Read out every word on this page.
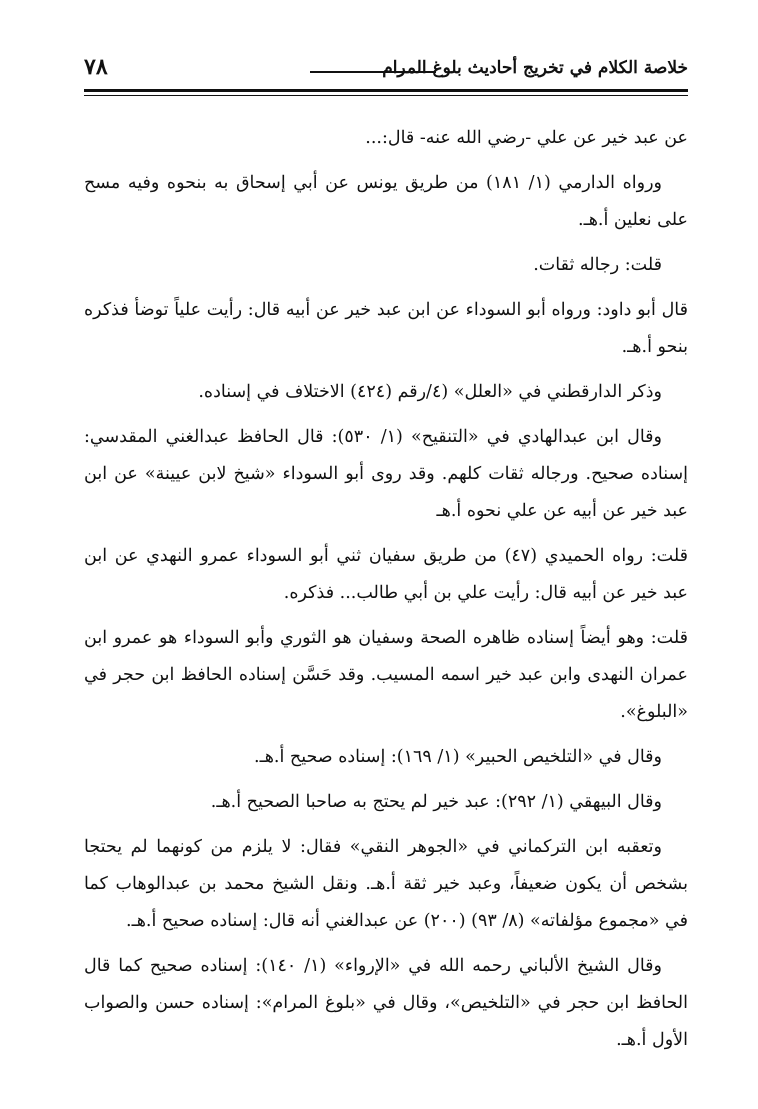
٧٨	خلاصة الكلام في تخريج أحاديث بلوغ المرام

عن عبد خير عن علي -رضي الله عنه- قال:...

ورواه الدارمي (١/ ١٨١) من طريق يونس عن أبي إسحاق به بنحوه وفيه مسح على نعلين أ.هـ.

قلت: رجاله ثقات.

قال أبو داود: ورواه أبو السوداء عن ابن عبد خير عن أبيه قال: رأيت علياً توضأ فذكره بنحو أ.هـ.

وذكر الدارقطني في «العلل» (٤/رقم (٤٢٤) الاختلاف في إسناده.

وقال ابن عبدالهادي في «التنقيح» (١/ ٥٣٠): قال الحافظ عبدالغني المقدسي: إسناده صحيح. ورجاله ثقات كلهم. وقد روى أبو السوداء «شيخ لابن عيينة» عن ابن عبد خير عن أبيه عن علي نحوه أ.هـ

قلت: رواه الحميدي (٤٧) من طريق سفيان ثني أبو السوداء عمرو النهدي عن ابن عبد خير عن أبيه قال: رأيت علي بن أبي طالب... فذكره.

قلت: وهو أيضاً إسناده ظاهره الصحة وسفيان هو الثوري وأبو السوداء هو عمرو ابن عمران النهدى وابن عبد خير اسمه المسيب. وقد حَسَّن إسناده الحافظ ابن حجر في «البلوغ».

وقال في «التلخيص الحبير» (١/ ١٦٩): إسناده صحيح أ.هـ.

وقال البيهقي (١/ ٢٩٢): عبد خير لم يحتج به صاحبا الصحيح أ.هـ.

وتعقبه ابن التركماني في «الجوهر النقي» فقال: لا يلزم من كونهما لم يحتجا بشخص أن يكون ضعيفاً، وعبد خير ثقة أ.هـ. ونقل الشيخ محمد بن عبدالوهاب كما في «مجموع مؤلفاته» (٨/ ٩٣) (٢٠٠) عن عبدالغني أنه قال: إسناده صحيح أ.هـ.

وقال الشيخ الألباني رحمه الله في «الإرواء» (١/ ١٤٠): إسناده صحيح كما قال الحافظ ابن حجر في «التلخيص»، وقال في «بلوغ المرام»: إسناده حسن والصواب الأول أ.هـ.
